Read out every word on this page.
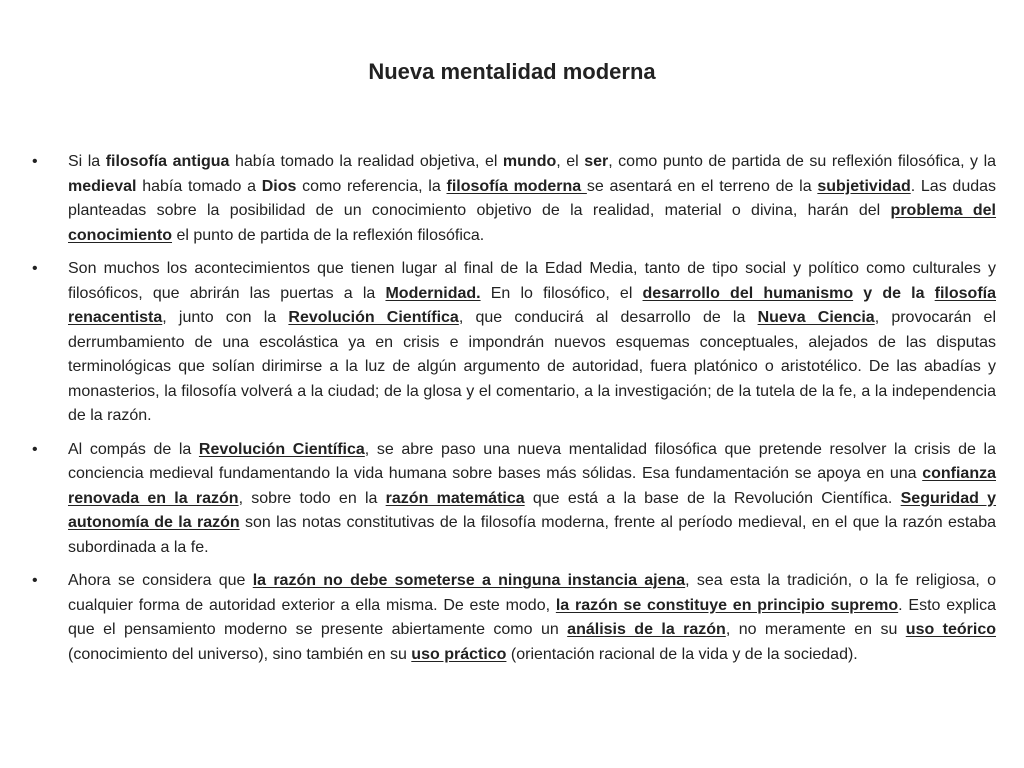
Nueva mentalidad moderna
• Si la filosofía antigua había tomado la realidad objetiva, el mundo, el ser, como punto de partida de su reflexión filosófica, y la medieval había tomado a Dios como referencia, la filosofía moderna se asentará en el terreno de la subjetividad. Las dudas planteadas sobre la posibilidad de un conocimiento objetivo de la realidad, material o divina, harán del problema del conocimiento el punto de partida de la reflexión filosófica.
• Son muchos los acontecimientos que tienen lugar al final de la Edad Media, tanto de tipo social y político como culturales y filosóficos, que abrirán las puertas a la Modernidad. En lo filosófico, el desarrollo del humanismo y de la filosofía renacentista, junto con la Revolución Científica, que conducirá al desarrollo de la Nueva Ciencia, provocarán el derrumbamiento de una escolástica ya en crisis e impondrán nuevos esquemas conceptuales, alejados de las disputas terminológicas que solían dirimirse a la luz de algún argumento de autoridad, fuera platónico o aristotélico. De las abadías y monasterios, la filosofía volverá a la ciudad; de la glosa y el comentario, a la investigación; de la tutela de la fe, a la independencia de la razón.
• Al compás de la Revolución Científica, se abre paso una nueva mentalidad filosófica que pretende resolver la crisis de la conciencia medieval fundamentando la vida humana sobre bases más sólidas. Esa fundamentación se apoya en una confianza renovada en la razón, sobre todo en la razón matemática que está a la base de la Revolución Científica. Seguridad y autonomía de la razón son las notas constitutivas de la filosofía moderna, frente al período medieval, en el que la razón estaba subordinada a la fe.
• Ahora se considera que la razón no debe someterse a ninguna instancia ajena, sea esta la tradición, o la fe religiosa, o cualquier forma de autoridad exterior a ella misma. De este modo, la razón se constituye en principio supremo. Esto explica que el pensamiento moderno se presente abiertamente como un análisis de la razón, no meramente en su uso teórico (conocimiento del universo), sino también en su uso práctico (orientación racional de la vida y de la sociedad).
